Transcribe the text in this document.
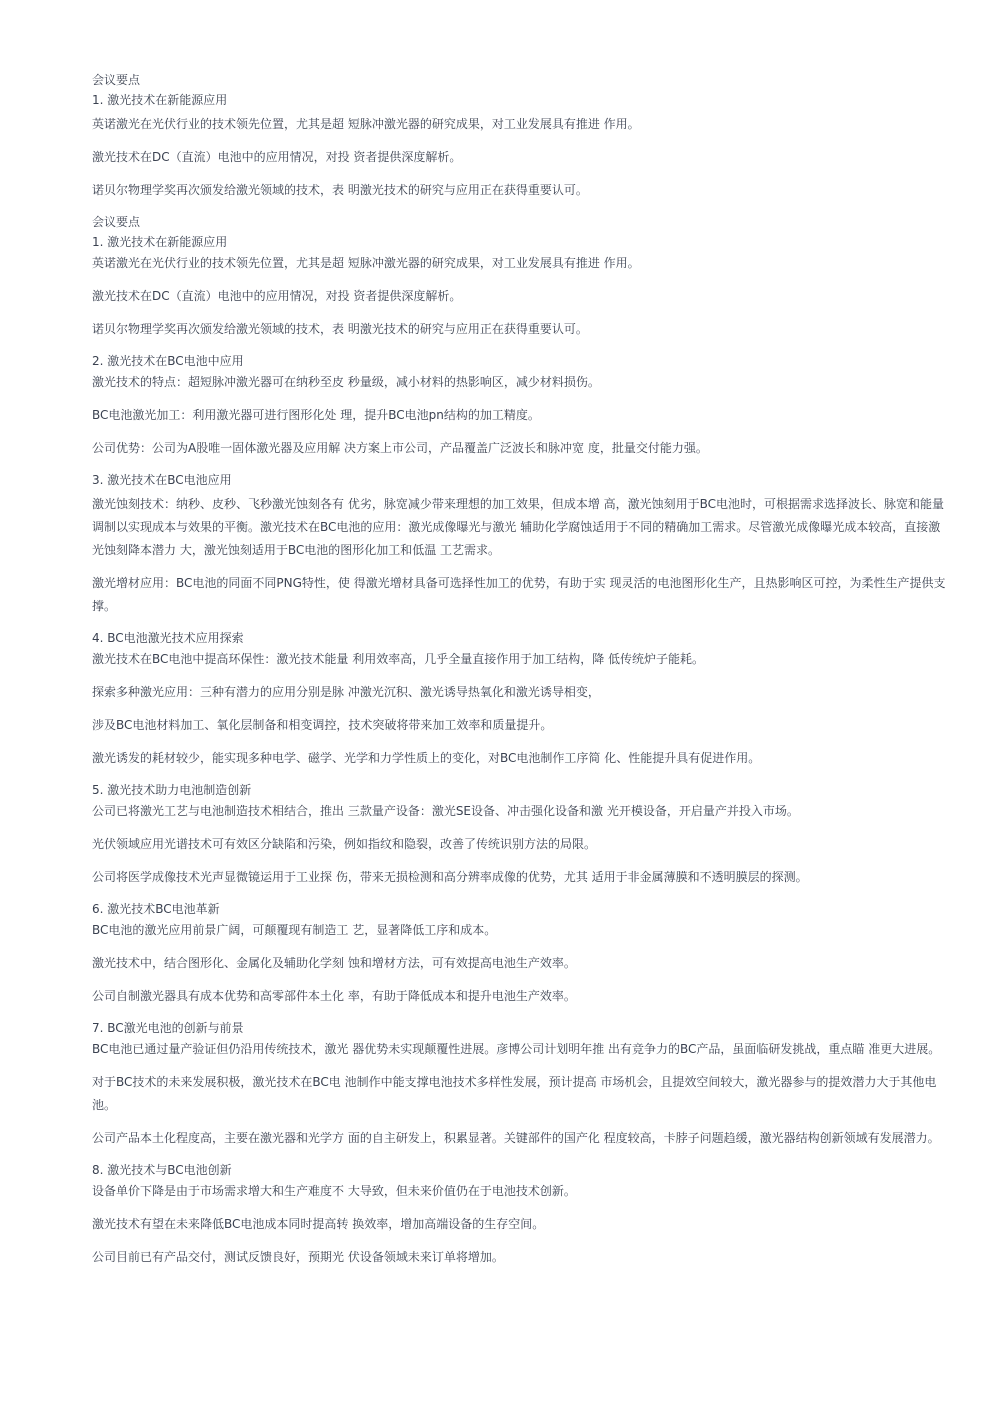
会议要点
1. 激光技术在新能源应用

英诺激光在光伏行业的技术领先位置，尤其是超 短脉冲激光器的研究成果，对工业发展具有推进 作用。

激光技术在DC（直流）电池中的应用情况，对投 资者提供深度解析。

诺贝尔物理学奖再次颁发给激光领域的技术，表 明激光技术的研究与应用正在获得重要认可。

会议要点
1. 激光技术在新能源应用

英诺激光在光伏行业的技术领先位置，尤其是超 短脉冲激光器的研究成果，对工业发展具有推进 作用。

激光技术在DC（直流）电池中的应用情况，对投 资者提供深度解析。

诺贝尔物理学奖再次颁发给激光领域的技术，表 明激光技术的研究与应用正在获得重要认可。

2. 激光技术在BC电池中应用

激光技术的特点：超短脉冲激光器可在纳秒至皮 秒量级，减小材料的热影响区，减少材料损伤。

BC电池激光加工：利用激光器可进行图形化处 理，提升BC电池pn结构的加工精度。

公司优势：公司为A股唯一固体激光器及应用解 决方案上市公司，产品覆盖广泛波长和脉冲宽 度，批量交付能力强。

3. 激光技术在BC电池应用

激光蚀刻技术：纳秒、皮秒、飞秒激光蚀刻各有 优劣，脉宽减少带来理想的加工效果，但成本增 高，激光蚀刻用于BC电池时，可根据需求选择波长、脉宽和能量调制以实现成本与效果的平衡。激光技术在BC电池的应用：激光成像曝光与激光 辅助化学腐蚀适用于不同的精确加工需求。尽管激光成像曝光成本较高，直接激光蚀刻降本潜力 大，激光蚀刻适用于BC电池的图形化加工和低温 工艺需求。

激光增材应用：BC电池的同面不同PNG特性，使 得激光增材具备可选择性加工的优势，有助于实 现灵活的电池图形化生产，且热影响区可控，为柔性生产提供支撑。

4. BC电池激光技术应用探索

激光技术在BC电池中提高环保性：激光技术能量 利用效率高，几乎全量直接作用于加工结构，降 低传统炉子能耗。

探索多种激光应用：三种有潜力的应用分别是脉 冲激光沉积、激光诱导热氧化和激光诱导相变，

涉及BC电池材料加工、氧化层制备和相变调控，技术突破将带来加工效率和质量提升。

激光诱发的耗材较少，能实现多种电学、磁学、光学和力学性质上的变化，对BC电池制作工序简 化、性能提升具有促进作用。

5. 激光技术助力电池制造创新

公司已将激光工艺与电池制造技术相结合，推出 三款量产设备：激光SE设备、冲击强化设备和激 光开模设备，开启量产并投入市场。

光伏领域应用光谱技术可有效区分缺陷和污染，例如指纹和隐裂，改善了传统识别方法的局限。

公司将医学成像技术光声显微镜运用于工业探 伤，带来无损检测和高分辨率成像的优势，尤其 适用于非金属薄膜和不透明膜层的探测。

6. 激光技术BC电池革新

BC电池的激光应用前景广阔，可颠覆现有制造工 艺，显著降低工序和成本。

激光技术中，结合图形化、金属化及辅助化学刻 蚀和增材方法，可有效提高电池生产效率。

公司自制激光器具有成本优势和高零部件本土化 率，有助于降低成本和提升电池生产效率。

7. BC激光电池的创新与前景

BC电池已通过量产验证但仍沿用传统技术，激光 器优势未实现颠覆性进展。彦博公司计划明年推 出有竞争力的BC产品，虽面临研发挑战，重点瞄 准更大进展。

对于BC技术的未来发展积极，激光技术在BC电 池制作中能支撑电池技术多样性发展，预计提高 市场机会，且提效空间较大，激光器参与的提效潜力大于其他电池。

公司产品本土化程度高，主要在激光器和光学方 面的自主研发上，积累显著。关键部件的国产化 程度较高，卡脖子问题趋缓，激光器结构创新领域有发展潜力。

8. 激光技术与BC电池创新

设备单价下降是由于市场需求增大和生产难度不 大导致，但未来价值仍在于电池技术创新。

激光技术有望在未来降低BC电池成本同时提高转 换效率，增加高端设备的生存空间。

公司目前已有产品交付，测试反馈良好，预期光 伏设备领域未来订单将增加。
